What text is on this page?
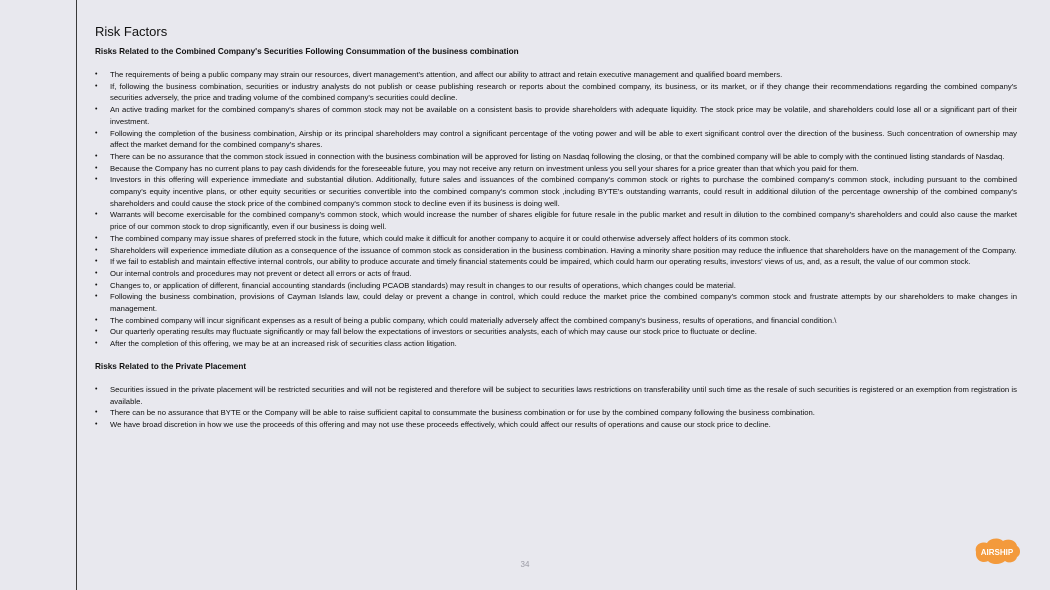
Risk Factors
Risks Related to the Combined Company's Securities Following Consummation of the business combination
• The requirements of being a public company may strain our resources, divert management's attention, and affect our ability to attract and retain executive management and qualified board members.
• If, following the business combination, securities or industry analysts do not publish or cease publishing research or reports about the combined company, its business, or its market, or if they change their recommendations regarding the combined company's securities adversely, the price and trading volume of the combined company's securities could decline.
• An active trading market for the combined company's shares of common stock may not be available on a consistent basis to provide shareholders with adequate liquidity. The stock price may be volatile, and shareholders could lose all or a significant part of their investment.
• Following the completion of the business combination, Airship or its principal shareholders may control a significant percentage of the voting power and will be able to exert significant control over the direction of the business. Such concentration of ownership may affect the market demand for the combined company's shares.
• There can be no assurance that the common stock issued in connection with the business combination will be approved for listing on Nasdaq following the closing, or that the combined company will be able to comply with the continued listing standards of Nasdaq.
• Because the Company has no current plans to pay cash dividends for the foreseeable future, you may not receive any return on investment unless you sell your shares for a price greater than that which you paid for them.
• Investors in this offering will experience immediate and substantial dilution. Additionally, future sales and issuances of the combined company's common stock or rights to purchase the combined company's common stock, including pursuant to the combined company's equity incentive plans, or other equity securities or securities convertible into the combined company's common stock ,including BYTE's outstanding warrants, could result in additional dilution of the percentage ownership of the combined company's shareholders and could cause the stock price of the combined company's common stock to decline even if its business is doing well.
• Warrants will become exercisable for the combined company's common stock, which would increase the number of shares eligible for future resale in the public market and result in dilution to the combined company's shareholders and could also cause the market price of our common stock to drop significantly, even if our business is doing well.
• The combined company may issue shares of preferred stock in the future, which could make it difficult for another company to acquire it or could otherwise adversely affect holders of its common stock.
• Shareholders will experience immediate dilution as a consequence of the issuance of common stock as consideration in the business combination. Having a minority share position may reduce the influence that shareholders have on the management of the Company.
• If we fail to establish and maintain effective internal controls, our ability to produce accurate and timely financial statements could be impaired, which could harm our operating results, investors' views of us, and, as a result, the value of our common stock.
• Our internal controls and procedures may not prevent or detect all errors or acts of fraud.
• Changes to, or application of different, financial accounting standards (including PCAOB standards) may result in changes to our results of operations, which changes could be material.
• Following the business combination, provisions of Cayman Islands law, could delay or prevent a change in control, which could reduce the market price the combined company's common stock and frustrate attempts by our shareholders to make changes in management.
• The combined company will incur significant expenses as a result of being a public company, which could materially adversely affect the combined company's business, results of operations, and financial condition.\
• Our quarterly operating results may fluctuate significantly or may fall below the expectations of investors or securities analysts, each of which may cause our stock price to fluctuate or decline.
• After the completion of this offering, we may be at an increased risk of securities class action litigation.
Risks Related to the Private Placement
• Securities issued in the private placement will be restricted securities and will not be registered and therefore will be subject to securities laws restrictions on transferability until such time as the resale of such securities is registered or an exemption from registration is available.
• There can be no assurance that BYTE or the Company will be able to raise sufficient capital to consummate the business combination or for use by the combined company following the business combination.
• We have broad discretion in how we use the proceeds of this offering and may not use these proceeds effectively, which could affect our results of operations and cause our stock price to decline.
34
AIRSHIP
